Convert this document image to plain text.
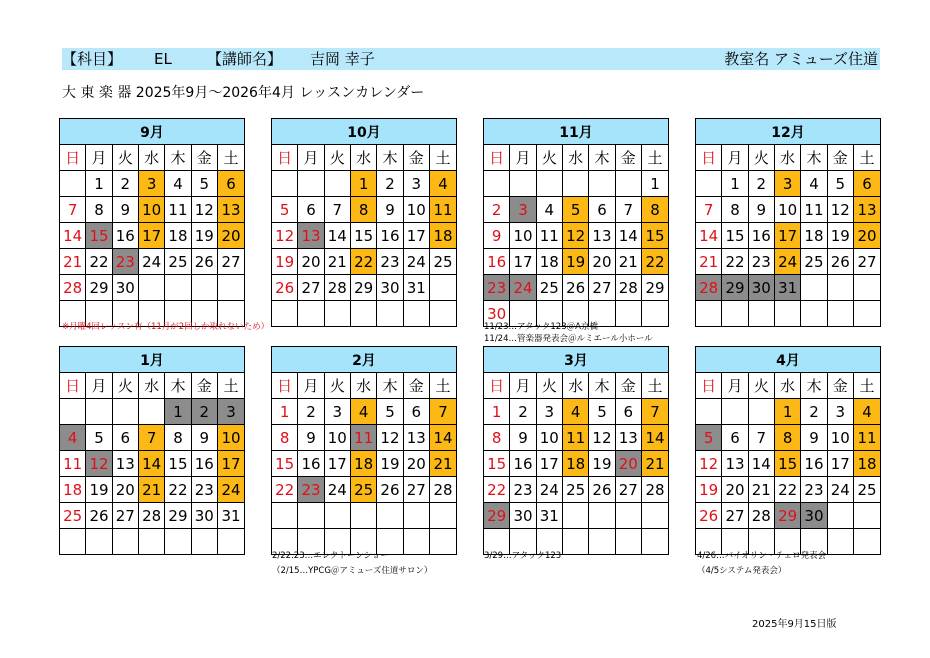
【科目】 EL 【講師名】 吉岡 幸子	教室名 アミューズ住道
大 東 楽 器 2025年9月～2026年4月 レッスンカレンダー
9月						
日	月	火	水	木	金	土
	1	2	3	4	5	6
7	8	9	10	11	12	13
14	15	16	17	18	19	20
21	22	23	24	25	26	27
28	29	30				

10月						
日	月	火	水	木	金	土
			1	2	3	4
5	6	7	8	9	10	11
12	13	14	15	16	17	18
19	20	21	22	23	24	25
26	27	28	29	30	31	

11月						
日	月	火	水	木	金	土
						1
2	3	4	5	6	7	8
9	10	11	12	13	14	15
16	17	18	19	20	21	22
23	24	25	26	27	28	29
30						
12月						
日	月	火	水	木	金	土
	1	2	3	4	5	6
7	8	9	10	11	12	13
14	15	16	17	18	19	20
21	22	23	24	25	26	27
28	29	30	31			

1月						
日	月	火	水	木	金	土
				1	2	3
4	5	6	7	8	9	10
11	12	13	14	15	16	17
18	19	20	21	22	23	24
25	26	27	28	29	30	31

2月						
日	月	火	水	木	金	土
1	2	3	4	5	6	7
8	9	10	11	12	13	14
15	16	17	18	19	20	21
22	23	24	25	26	27	28

3月						
日	月	火	水	木	金	土
1	2	3	4	5	6	7
8	9	10	11	12	13	14
15	16	17	18	19	20	21
22	23	24	25	26	27	28
29	30	31				

4月						
日	月	火	水	木	金	土
			1	2	3	4
5	6	7	8	9	10	11
12	13	14	15	16	17	18
19	20	21	22	23	24	25
26	27	28	29	30		

※月曜4回レッスン有（11月が2回しか取れないため）	11/23…アタック123＠A京橋
11/24…管楽器発表会＠ルミエール小ホール
2/22.23…エレクトーンショー
（2/15…YPCG＠アミューズ住道サロン）
3/29…アタック123	4/26…バイオリン・チェロ発表会
（4/5システム発表会）
2025年9月15日版
